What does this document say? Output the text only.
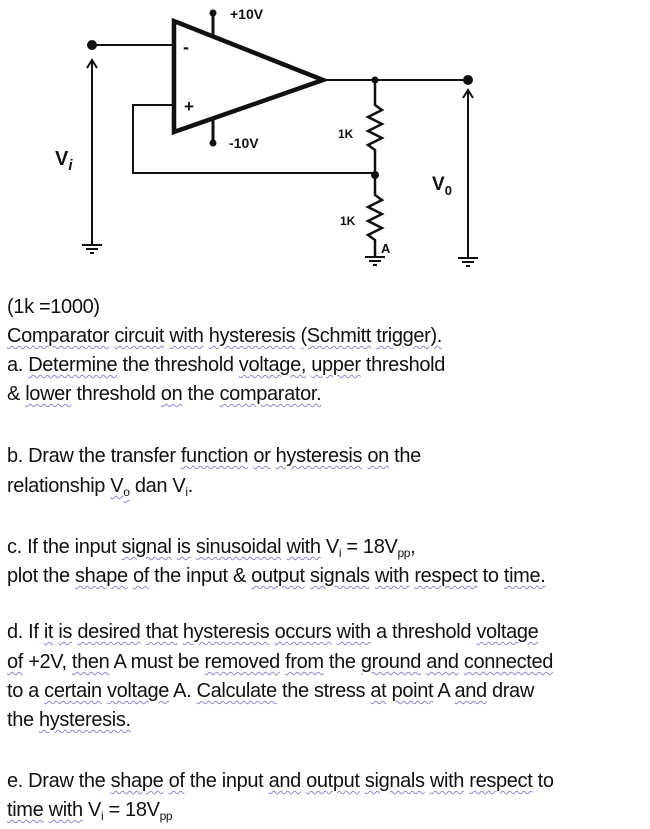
+10V
-10V
-
+
1K
1K
A
$V_i$
$V_0$
(1k =1000)
Comparator circuit with hysteresis (Schmitt trigger).
a. Determine the threshold voltage, upper threshold
& lower threshold on the comparator.
b. Draw the transfer function or hysteresis on the
relationship $V_o$ dan $V_i$.
c. If the input signal is sinusoidal with $V_i = 18V_{pp}$,
plot the shape of the input & output signals with respect to time.
d. If it is desired that hysteresis occurs with a threshold voltage
of +2V, then A must be removed from the ground and connected
to a certain voltage A. Calculate the stress at point A and draw
the hysteresis.
e. Draw the shape of the input and output signals with respect to
time with $V_i = 18V_{pp}$
